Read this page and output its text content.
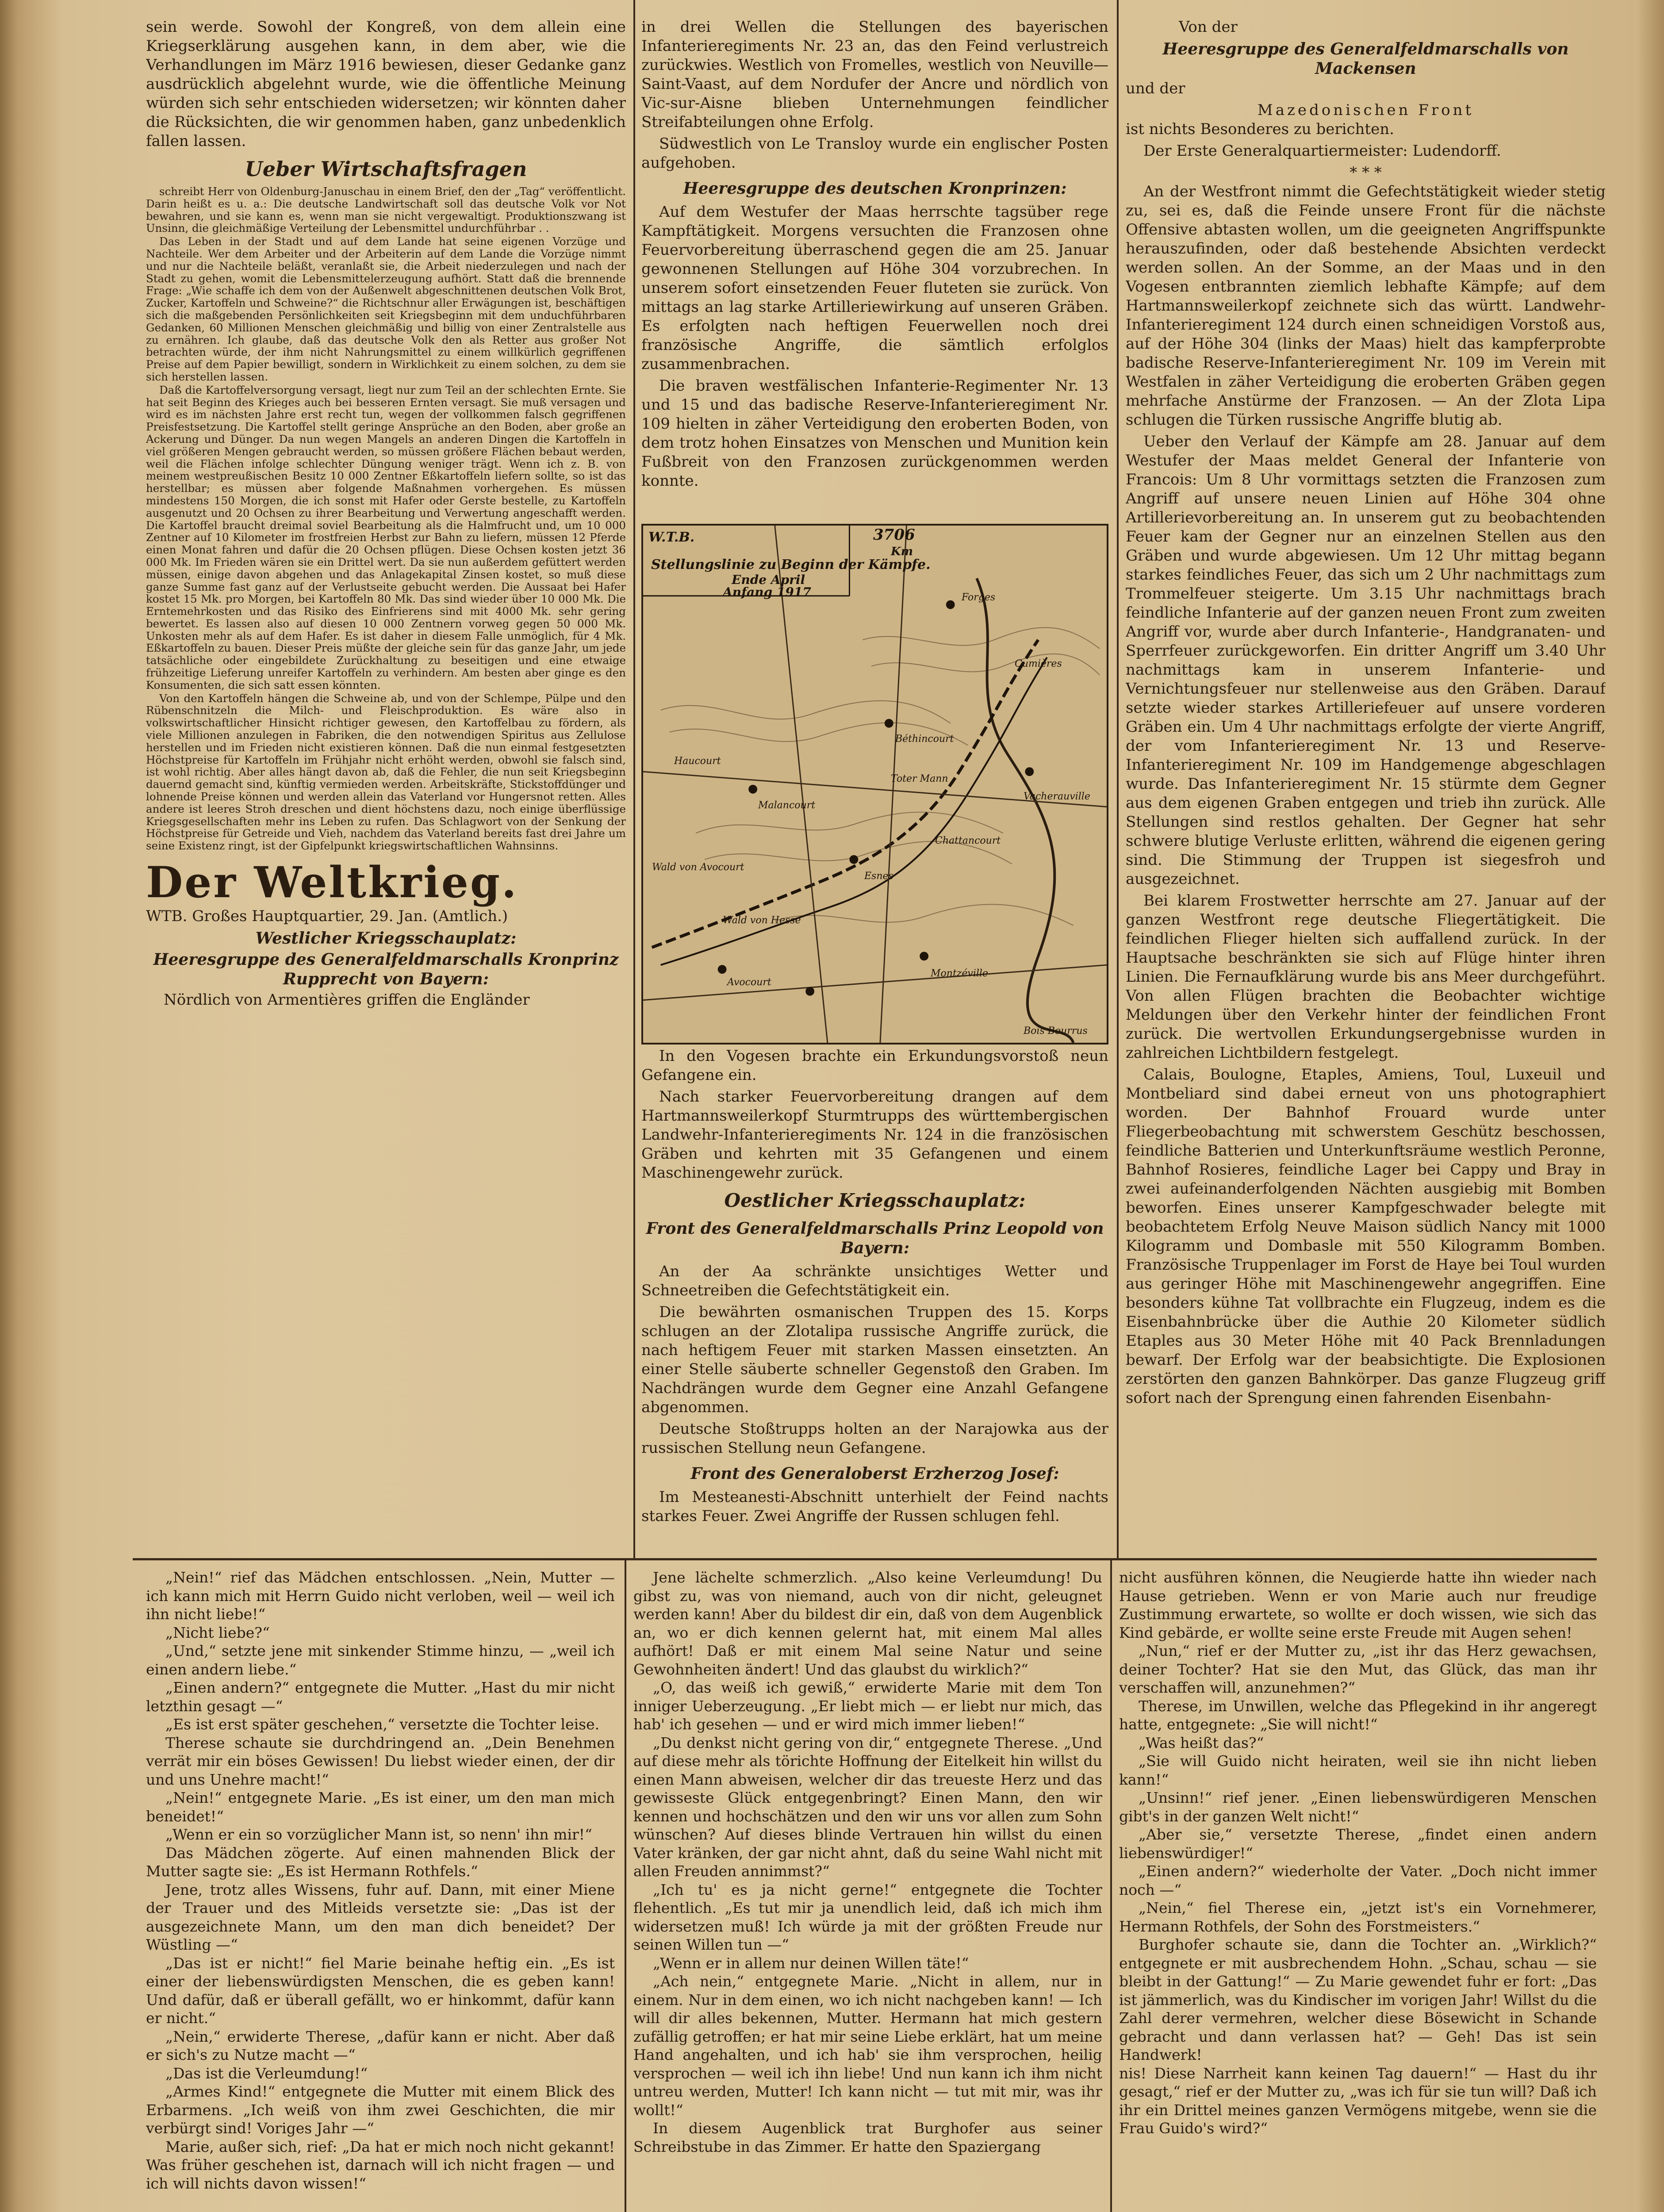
sein werde. Sowohl der Kongreß, von dem allein eine Kriegserklärung ausgehen kann, in dem aber, wie die Verhandlungen im März 1916 bewiesen, dieser Gedanke ganz ausdrücklich abgelehnt wurde, wie die öffentliche Meinung würden sich sehr entschieden widersetzen; wir könnten daher die Rücksichten, die wir genommen haben, ganz unbedenklich fallen lassen.

Ueber Wirtschaftsfragen

schreibt Herr von Oldenburg-Januschau in einem Brief, den der „Tag“ veröffentlicht. Darin heißt es u. a.: Die deutsche Landwirtschaft soll das deutsche Volk vor Not bewahren, und sie kann es, wenn man sie nicht vergewaltigt. Produktionszwang ist Unsinn, die gleichmäßige Verteilung der Lebensmittel undurchführbar . .

Das Leben in der Stadt und auf dem Lande hat seine eigenen Vorzüge und Nachteile. Wer dem Arbeiter und der Arbeiterin auf dem Lande die Vorzüge nimmt und nur die Nachteile beläßt, veranlaßt sie, die Arbeit niederzulegen und nach der Stadt zu gehen, womit die Lebensmittelerzeugung aufhört. Statt daß die brennende Frage: „Wie schaffe ich dem von der Außenwelt abgeschnittenen deutschen Volk Brot, Zucker, Kartoffeln und Schweine?“ die Richtschnur aller Erwägungen ist, beschäftigen sich die maßgebenden Persönlichkeiten seit Kriegsbeginn mit dem unduchführbaren Gedanken, 60 Millionen Menschen gleichmäßig und billig von einer Zentralstelle aus zu ernähren. Ich glaube, daß das deutsche Volk den als Retter aus großer Not betrachten würde, der ihm nicht Nahrungsmittel zu einem willkürlich gegriffenen Preise auf dem Papier bewilligt, sondern in Wirklichkeit zu einem solchen, zu dem sie sich herstellen lassen.

Daß die Kartoffelversorgung versagt, liegt nur zum Teil an der schlechten Ernte. Sie hat seit Beginn des Krieges auch bei besseren Ernten versagt. Sie muß versagen und wird es im nächsten Jahre erst recht tun, wegen der vollkommen falsch gegriffenen Preisfestsetzung. Die Kartoffel stellt geringe Ansprüche an den Boden, aber große an Ackerung und Dünger. Da nun wegen Mangels an anderen Dingen die Kartoffeln in viel größeren Mengen gebraucht werden, so müssen größere Flächen bebaut werden, weil die Flächen infolge schlechter Düngung weniger trägt. Wenn ich z. B. von meinem westpreußischen Besitz 10 000 Zentner Eßkartoffeln liefern sollte, so ist das herstellbar; es müssen aber folgende Maßnahmen vorhergehen. Es müssen mindestens 150 Morgen, die ich sonst mit Hafer oder Gerste bestelle, zu Kartoffeln ausgenutzt und 20 Ochsen zu ihrer Bearbeitung und Verwertung angeschafft werden. Die Kartoffel braucht dreimal soviel Bearbeitung als die Halmfrucht und, um 10 000 Zentner auf 10 Kilometer im frostfreien Herbst zur Bahn zu liefern, müssen 12 Pferde einen Monat fahren und dafür die 20 Ochsen pflügen. Diese Ochsen kosten jetzt 36 000 Mk. Im Frieden wären sie ein Drittel wert. Da sie nun außerdem gefüttert werden müssen, einige davon abgehen und das Anlagekapital Zinsen kostet, so muß diese ganze Summe fast ganz auf der Verlustseite gebucht werden. Die Aussaat bei Hafer kostet 15 Mk. pro Morgen, bei Kartoffeln 80 Mk. Das sind wieder über 10 000 Mk. Die Erntemehrkosten und das Risiko des Einfrierens sind mit 4000 Mk. sehr gering bewertet. Es lassen also auf diesen 10 000 Zentnern vorweg gegen 50 000 Mk. Unkosten mehr als auf dem Hafer. Es ist daher in diesem Falle unmöglich, für 4 Mk. Eßkartoffeln zu bauen. Dieser Preis müßte der gleiche sein für das ganze Jahr, um jede tatsächliche oder eingebildete Zurückhaltung zu beseitigen und eine etwaige frühzeitige Lieferung unreifer Kartoffeln zu verhindern. Am besten aber ginge es den Konsumenten, die sich satt essen könnten.

Von den Kartoffeln hängen die Schweine ab, und von der Schlempe, Pülpe und den Rübenschnitzeln die Milch- und Fleischproduktion. Es wäre also in volkswirtschaftlicher Hinsicht richtiger gewesen, den Kartoffelbau zu fördern, als viele Millionen anzulegen in Fabriken, die den notwendigen Spiritus aus Zellulose herstellen und im Frieden nicht existieren können. Daß die nun einmal festgesetzten Höchstpreise für Kartoffeln im Frühjahr nicht erhöht werden, obwohl sie falsch sind, ist wohl richtig. Aber alles hängt davon ab, daß die Fehler, die nun seit Kriegsbeginn dauernd gemacht sind, künftig vermieden werden. Arbeitskräfte, Stickstoffdünger und lohnende Preise können und werden allein das Vaterland vor Hungersnot retten. Alles andere ist leeres Stroh dreschen und dient höchstens dazu, noch einige überflüssige Kriegsgesellschaften mehr ins Leben zu rufen. Das Schlagwort von der Senkung der Höchstpreise für Getreide und Vieh, nachdem das Vaterland bereits fast drei Jahre um seine Existenz ringt, ist der Gipfelpunkt kriegswirtschaftlichen Wahnsinns.

Der Weltkrieg.

WTB. Großes Hauptquartier, 29. Jan. (Amtlich.)

Westlicher Kriegsschauplatz:
Heeresgruppe des Generalfeldmarschalls Kronprinz Rupprecht von Bayern:

Nördlich von Armentières griffen die Engländer

in drei Wellen die Stellungen des bayerischen Infanterieregiments Nr. 23 an, das den Feind verlustreich zurückwies. Westlich von Fromelles, westlich von Neuville—Saint-Vaast, auf dem Nordufer der Ancre und nördlich von Vic-sur-Aisne blieben Unternehmungen feindlicher Streifabteilungen ohne Erfolg.

Südwestlich von Le Transloy wurde ein englischer Posten aufgehoben.

Heeresgruppe des deutschen Kronprinzen:

Auf dem Westufer der Maas herrschte tagsüber rege Kampftätigkeit. Morgens versuchten die Franzosen ohne Feuervorbereitung überraschend gegen die am 25. Januar gewonnenen Stellungen auf Höhe 304 vorzubrechen. In unserem sofort einsetzenden Feuer fluteten sie zurück. Von mittags an lag starke Artilleriewirkung auf unseren Gräben. Es erfolgten nach heftigen Feuerwellen noch drei französische Angriffe, die sämtlich erfolglos zusammenbrachen.

Die braven westfälischen Infanterie-Regimenter Nr. 13 und 15 und das badische Reserve-Infanterieregiment Nr. 109 hielten in zäher Verteidigung den eroberten Boden, von dem trotz hohen Einsatzes von Menschen und Munition kein Fußbreit von den Franzosen zurückgenommen werden konnte.

W.T.B.	3706
Km
Stellungslinie zu Beginn der Kämpfe.
Ende April
Anfang 1917	Forges
Béthincourt
Cumières
Malancourt
Esnes
Avocourt
Haucourt
Chattancourt
Toter Mann
Wald von Avocourt
Montzéville
Wald von Hesse
Bois Bourrus
Vacherauville

In den Vogesen brachte ein Erkundungsvorstoß neun Gefangene ein.

Nach starker Feuervorbereitung drangen auf dem Hartmannsweilerkopf Sturmtrupps des württembergischen Landwehr-Infanterieregiments Nr. 124 in die französischen Gräben und kehrten mit 35 Gefangenen und einem Maschinengewehr zurück.

Oestlicher Kriegsschauplatz:
Front des Generalfeldmarschalls Prinz Leopold von Bayern:

An der Aa schränkte unsichtiges Wetter und Schneetreiben die Gefechtstätigkeit ein.

Die bewährten osmanischen Truppen des 15. Korps schlugen an der Zlotalipa russische Angriffe zurück, die nach heftigem Feuer mit starken Massen einsetzten. An einer Stelle säuberte schneller Gegenstoß den Graben. Im Nachdrängen wurde dem Gegner eine Anzahl Gefangene abgenommen.

Deutsche Stoßtrupps holten an der Narajowka aus der russischen Stellung neun Gefangene.

Front des Generaloberst Erzherzog Josef:

Im Mesteanesti-Abschnitt unterhielt der Feind nachts starkes Feuer. Zwei Angriffe der Russen schlugen fehl.

Von der

Heeresgruppe des Generalfeldmarschalls von Mackensen

und der

Mazedonischen Front

ist nichts Besonderes zu berichten.

Der Erste Generalquartiermeister: Ludendorff.

* * *

An der Westfront nimmt die Gefechtstätigkeit wieder stetig zu, sei es, daß die Feinde unsere Front für die nächste Offensive abtasten wollen, um die geeigneten Angriffspunkte herauszufinden, oder daß bestehende Absichten verdeckt werden sollen. An der Somme, an der Maas und in den Vogesen entbrannten ziemlich lebhafte Kämpfe; auf dem Hartmannsweilerkopf zeichnete sich das württ. Landwehr-Infanterieregiment 124 durch einen schneidigen Vorstoß aus, auf der Höhe 304 (links der Maas) hielt das kampferprobte badische Reserve-Infanterieregiment Nr. 109 im Verein mit Westfalen in zäher Verteidigung die eroberten Gräben gegen mehrfache Anstürme der Franzosen. — An der Zlota Lipa schlugen die Türken russische Angriffe blutig ab.

Ueber den Verlauf der Kämpfe am 28. Januar auf dem Westufer der Maas meldet General der Infanterie von Francois: Um 8 Uhr vormittags setzten die Franzosen zum Angriff auf unsere neuen Linien auf Höhe 304 ohne Artillerievorbereitung an. In unserem gut zu beobachtenden Feuer kam der Gegner nur an einzelnen Stellen aus den Gräben und wurde abgewiesen. Um 12 Uhr mittag begann starkes feindliches Feuer, das sich um 2 Uhr nachmittags zum Trommelfeuer steigerte. Um 3.15 Uhr nachmittags brach feindliche Infanterie auf der ganzen neuen Front zum zweiten Angriff vor, wurde aber durch Infanterie-, Handgranaten- und Sperrfeuer zurückgeworfen. Ein dritter Angriff um 3.40 Uhr nachmittags kam in unserem Infanterie- und Vernichtungsfeuer nur stellenweise aus den Gräben. Darauf setzte wieder starkes Artilleriefeuer auf unsere vorderen Gräben ein. Um 4 Uhr nachmittags erfolgte der vierte Angriff, der vom Infanterieregiment Nr. 13 und Reserve-Infanterieregiment Nr. 109 im Handgemenge abgeschlagen wurde. Das Infanterieregiment Nr. 15 stürmte dem Gegner aus dem eigenen Graben entgegen und trieb ihn zurück. Alle Stellungen sind restlos gehalten. Der Gegner hat sehr schwere blutige Verluste erlitten, während die eigenen gering sind. Die Stimmung der Truppen ist siegesfroh und ausgezeichnet.

Bei klarem Frostwetter herrschte am 27. Januar auf der ganzen Westfront rege deutsche Fliegertätigkeit. Die feindlichen Flieger hielten sich auffallend zurück. In der Hauptsache beschränkten sie sich auf Flüge hinter ihren Linien. Die Fernaufklärung wurde bis ans Meer durchgeführt. Von allen Flügen brachten die Beobachter wichtige Meldungen über den Verkehr hinter der feindlichen Front zurück. Die wertvollen Erkundungsergebnisse wurden in zahlreichen Lichtbildern festgelegt.

Calais, Boulogne, Etaples, Amiens, Toul, Luxeuil und Montbeliard sind dabei erneut von uns photographiert worden. Der Bahnhof Frouard wurde unter Fliegerbeobachtung mit schwerstem Geschütz beschossen, feindliche Batterien und Unterkunftsräume westlich Peronne, Bahnhof Rosieres, feindliche Lager bei Cappy und Bray in zwei aufeinanderfolgenden Nächten ausgiebig mit Bomben beworfen. Eines unserer Kampfgeschwader belegte mit beobachtetem Erfolg Neuve Maison südlich Nancy mit 1000 Kilogramm und Dombasle mit 550 Kilogramm Bomben. Französische Truppenlager im Forst de Haye bei Toul wurden aus geringer Höhe mit Maschinengewehr angegriffen. Eine besonders kühne Tat vollbrachte ein Flugzeug, indem es die Eisenbahnbrücke über die Authie 20 Kilometer südlich Etaples aus 30 Meter Höhe mit 40 Pack Brennladungen bewarf. Der Erfolg war der beabsichtigte. Die Explosionen zerstörten den ganzen Bahnkörper. Das ganze Flugzeug griff sofort nach der Sprengung einen fahrenden Eisenbahn-

„Nein!“ rief das Mädchen entschlossen. „Nein, Mutter — ich kann mich mit Herrn Guido nicht verloben, weil — weil ich ihn nicht liebe!“

„Nicht liebe?“

„Und,“ setzte jene mit sinkender Stimme hinzu, — „weil ich einen andern liebe.“

„Einen andern?“ entgegnete die Mutter. „Hast du mir nicht letzthin gesagt —“

„Es ist erst später geschehen,“ versetzte die Tochter leise.

Therese schaute sie durchdringend an. „Dein Benehmen verrät mir ein böses Gewissen! Du liebst wieder einen, der dir und uns Unehre macht!“

„Nein!“ entgegnete Marie. „Es ist einer, um den man mich beneidet!“

„Wenn er ein so vorzüglicher Mann ist, so nenn' ihn mir!“

Das Mädchen zögerte. Auf einen mahnenden Blick der Mutter sagte sie: „Es ist Hermann Rothfels.“

Jene, trotz alles Wissens, fuhr auf. Dann, mit einer Miene der Trauer und des Mitleids versetzte sie: „Das ist der ausgezeichnete Mann, um den man dich beneidet? Der Wüstling —“

„Das ist er nicht!“ fiel Marie beinahe heftig ein. „Es ist einer der liebenswürdigsten Menschen, die es geben kann! Und dafür, daß er überall gefällt, wo er hinkommt, dafür kann er nicht.“

„Nein,“ erwiderte Therese, „dafür kann er nicht. Aber daß er sich's zu Nutze macht —“

„Das ist die Verleumdung!“

„Armes Kind!“ entgegnete die Mutter mit einem Blick des Erbarmens. „Ich weiß von ihm zwei Geschichten, die mir verbürgt sind! Voriges Jahr —“

Marie, außer sich, rief: „Da hat er mich noch nicht gekannt! Was früher geschehen ist, darnach will ich nicht fragen — und ich will nichts davon wissen!“

Jene lächelte schmerzlich. „Also keine Verleumdung! Du gibst zu, was von niemand, auch von dir nicht, geleugnet werden kann! Aber du bildest dir ein, daß von dem Augenblick an, wo er dich kennen gelernt hat, mit einem Mal alles aufhört! Daß er mit einem Mal seine Natur und seine Gewohnheiten ändert! Und das glaubst du wirklich?“

„O, das weiß ich gewiß,“ erwiderte Marie mit dem Ton inniger Ueberzeugung. „Er liebt mich — er liebt nur mich, das hab' ich gesehen — und er wird mich immer lieben!“

„Du denkst nicht gering von dir,“ entgegnete Therese. „Und auf diese mehr als törichte Hoffnung der Eitelkeit hin willst du einen Mann abweisen, welcher dir das treueste Herz und das gewisseste Glück entgegenbringt? Einen Mann, den wir kennen und hochschätzen und den wir uns vor allen zum Sohn wünschen? Auf dieses blinde Vertrauen hin willst du einen Vater kränken, der gar nicht ahnt, daß du seine Wahl nicht mit allen Freuden annimmst?“

„Ich tu' es ja nicht gerne!“ entgegnete die Tochter flehentlich. „Es tut mir ja unendlich leid, daß ich mich ihm widersetzen muß! Ich würde ja mit der größten Freude nur seinen Willen tun —“

„Wenn er in allem nur deinen Willen täte!“

„Ach nein,“ entgegnete Marie. „Nicht in allem, nur in einem. Nur in dem einen, wo ich nicht nachgeben kann! — Ich will dir alles bekennen, Mutter. Hermann hat mich gestern zufällig getroffen; er hat mir seine Liebe erklärt, hat um meine Hand angehalten, und ich hab' sie ihm versprochen, heilig versprochen — weil ich ihn liebe! Und nun kann ich ihm nicht untreu werden, Mutter! Ich kann nicht — tut mit mir, was ihr wollt!“

In diesem Augenblick trat Burghofer aus seiner Schreibstube in das Zimmer. Er hatte den Spaziergang

nicht ausführen können, die Neugierde hatte ihn wieder nach Hause getrieben. Wenn er von Marie auch nur freudige Zustimmung erwartete, so wollte er doch wissen, wie sich das Kind gebärde, er wollte seine erste Freude mit Augen sehen!

„Nun,“ rief er der Mutter zu, „ist ihr das Herz gewachsen, deiner Tochter? Hat sie den Mut, das Glück, das man ihr verschaffen will, anzunehmen?“

Therese, im Unwillen, welche das Pflegekind in ihr angeregt hatte, entgegnete: „Sie will nicht!“

„Was heißt das?“

„Sie will Guido nicht heiraten, weil sie ihn nicht lieben kann!“

„Unsinn!“ rief jener. „Einen liebenswürdigeren Menschen gibt's in der ganzen Welt nicht!“

„Aber sie,“ versetzte Therese, „findet einen andern liebenswürdiger!“

„Einen andern?“ wiederholte der Vater. „Doch nicht immer noch —“

„Nein,“ fiel Therese ein, „jetzt ist's ein Vornehmerer, Hermann Rothfels, der Sohn des Forstmeisters.“

Burghofer schaute sie, dann die Tochter an. „Wirklich?“ entgegnete er mit ausbrechendem Hohn. „Schau, schau — sie bleibt in der Gattung!“ — Zu Marie gewendet fuhr er fort: „Das ist jämmerlich, was du Kindischer im vorigen Jahr! Willst du die Zahl derer vermehren, welcher diese Bösewicht in Schande gebracht und dann verlassen hat? — Geh! Das ist sein Handwerk!

nis! Diese Narrheit kann keinen Tag dauern!“ — Hast du ihr gesagt,“ rief er der Mutter zu, „was ich für sie tun will? Daß ich ihr ein Drittel meines ganzen Vermögens mitgebe, wenn sie die Frau Guido's wird?“
